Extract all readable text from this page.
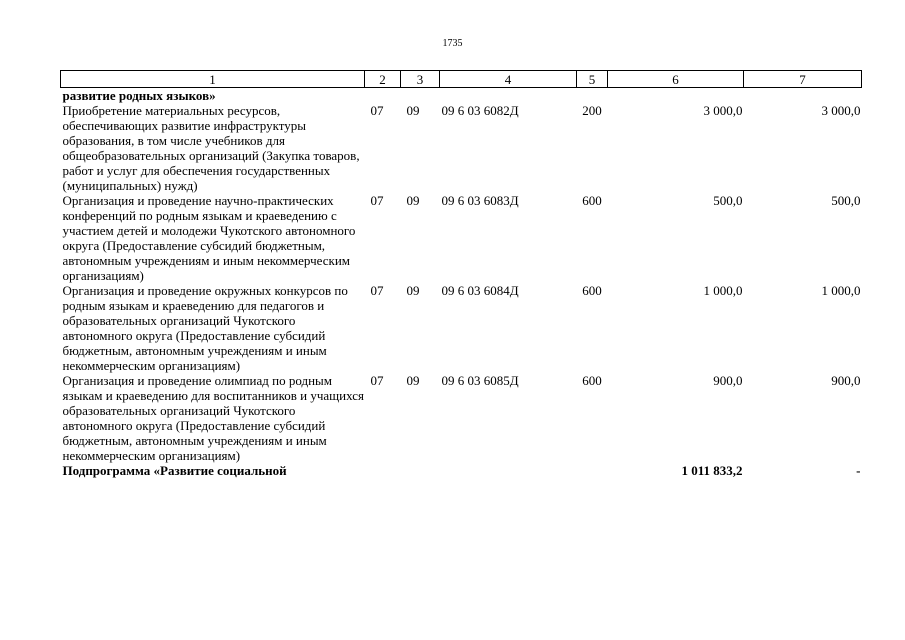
1735
1	2	3	4	5	6	7
развитие родных языков»						
Приобретение материальных ресурсов, обеспечивающих развитие инфраструктуры образования, в том числе учебников для общеобразовательных организаций (Закупка товаров, работ и услуг для обеспечения государственных (муниципальных) нужд)	07	09	09 6 03 6082Д	200	3 000,0	3 000,0
Организация и проведение научно-практических конференций по родным языкам и краеведению с участием детей и молодежи Чукотского автономного округа (Предоставление субсидий бюджетным, автономным учреждениям и иным некоммерческим организациям)	07	09	09 6 03 6083Д	600	500,0	500,0
Организация и проведение окружных конкурсов по родным языкам и краеведению для педагогов и образовательных организаций Чукотского автономного округа (Предоставление субсидий бюджетным, автономным учреждениям и иным некоммерческим организациям)	07	09	09 6 03 6084Д	600	1 000,0	1 000,0
Организация и проведение олимпиад по родным языкам и краеведению для воспитанников и учащихся образовательных организаций Чукотского автономного округа (Предоставление субсидий бюджетным, автономным учреждениям и иным некоммерческим организациям)	07	09	09 6 03 6085Д	600	900,0	900,0
Подпрограмма «Развитие социальной					1 011 833,2	-
